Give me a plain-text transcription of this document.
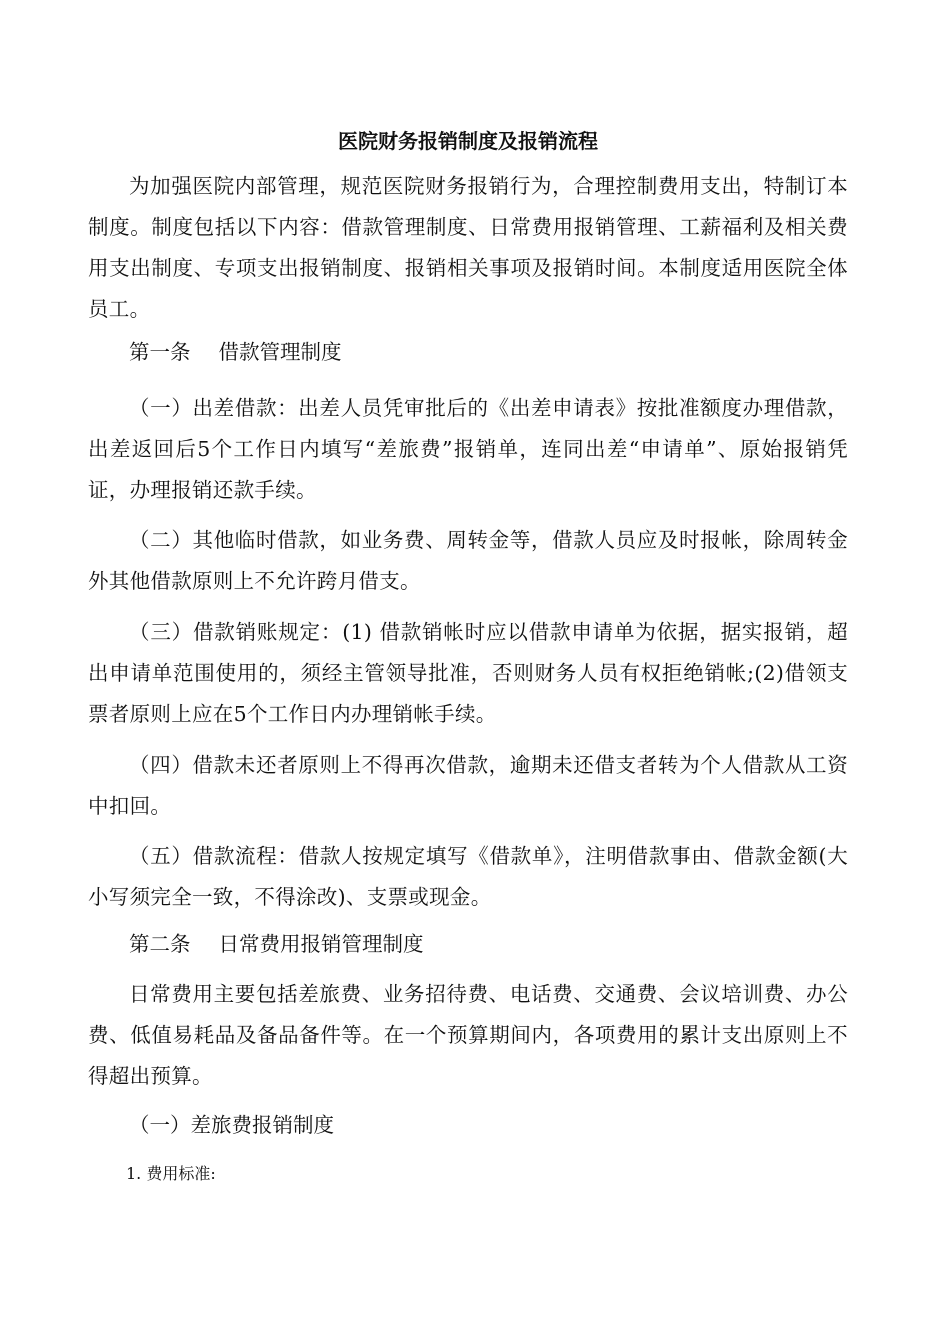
医院财务报销制度及报销流程

为加强医院内部管理，规范医院财务报销行为，合理控制费用支出，特制订本制度。制度包括以下内容：借款管理制度、日常费用报销管理、工薪福利及相关费用支出制度、专项支出报销制度、报销相关事项及报销时间。本制度适用医院全体员工。

第一条 借款管理制度

（一）出差借款：出差人员凭审批后的《出差申请表》按批准额度办理借款，出差返回后5个工作日内填写“差旅费”报销单，连同出差“申请单”、原始报销凭证，办理报销还款手续。

（二）其他临时借款，如业务费、周转金等，借款人员应及时报帐，除周转金外其他借款原则上不允许跨月借支。

（三）借款销账规定：(1) 借款销帐时应以借款申请单为依据，据实报销，超出申请单范围使用的，须经主管领导批准，否则财务人员有权拒绝销帐;(2)借领支票者原则上应在5个工作日内办理销帐手续。

（四）借款未还者原则上不得再次借款，逾期未还借支者转为个人借款从工资中扣回。

（五）借款流程：借款人按规定填写《借款单》，注明借款事由、借款金额(大小写须完全一致，不得涂改)、支票或现金。

第二条 日常费用报销管理制度

日常费用主要包括差旅费、业务招待费、电话费、交通费、会议培训费、办公费、低值易耗品及备品备件等。在一个预算期间内，各项费用的累计支出原则上不得超出预算。

（一）差旅费报销制度

1. 费用标准:
